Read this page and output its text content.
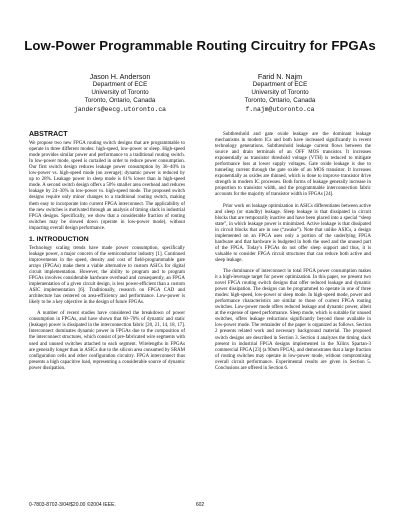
Low-Power Programmable Routing Circuitry for FPGAs
Jason H. Anderson
Department of ECE
University of Toronto
Toronto, Ontario, Canada
janders@eecg.utoronto.ca
Farid N. Najm
Department of ECE
University of Toronto
Toronto, Ontario, Canada
f.najm@utoronto.ca
ABSTRACT

We propose two new FPGA routing switch designs that are programmable to operate in three different modes: high-speed, low-power or sleep. High-speed mode provides similar power and performance to a traditional routing switch. In low-power mode, speed is curtailed in order to reduce power consumption. Our first switch design reduces leakage power consumption by 36–40% in low-power vs. high-speed mode (on average); dynamic power is reduced by up to 28%. Leakage power in sleep mode is 61% lower than in high-speed mode. A second switch design offers a 50% smaller area overhead and reduces leakage by 24–30% in low-power vs. high-speed mode. The proposed switch designs require only minor changes to a traditional routing switch, making them easy to incorporate into current FPGA interconnect. The applicability of the new switches is motivated through an analysis of timing slack in industrial FPGA designs. Specifically, we show that a considerable fraction of routing switches may be slowed down (operate in low-power mode), without impacting overall design performance.

1. INTRODUCTION

Technology scaling trends have made power consumption, specifically leakage power, a major concern of the semiconductor industry [1]. Continued improvements in the speed, density and cost of field-programmable gate arrays (FPGAs) make them a viable alternative to custom ASICs for digital circuit implementation. However, the ability to program and to program FPGAs involves considerable hardware overhead and consequently, an FPGA implementation of a given circuit design, is less power-efficient than a custom ASIC implementation [6]. Traditionally, research on FPGA CAD and architecture has centered on area-efficiency and performance. Low-power is likely to be a key objective in the design of future FPGAs.

A number of recent studies have considered the breakdown of power consumption in FPGAs, and have shown that 60–70% of dynamic and static (leakage) power is dissipated in the interconnection fabric [20, 21, 14, 18, 17]. Interconnect dominates dynamic power in FPGAs due to the composition of the interconnect structures, which consist of pre-fabricated wire segments with used and unused switches attached to each segment. Wirelengths in FPGAs are generally longer than in ASICs due to the silicon area consumed by SRAM configuration cells and other configuration circuitry. FPGA interconnect thus presents a high capacitive load, representing a considerable source of dynamic power dissipation.

Subthreshold and gate oxide leakage are the dominant leakage mechanisms in modern ICs and both have increased significantly in recent technology generations. Subthreshold leakage current flows between the source and drain terminals of an OFF MOS transistor. It increases exponentially as transistor threshold voltage (VTH) is reduced to mitigate performance loss at lower supply voltages. Gate oxide leakage is due to tunneling current through the gate oxide of an MOS transistor. It increases exponentially as oxides are thinned, which is done to improve transistor drive strength in modern IC processes. Both forms of leakage generally increase in proportion to transistor width, and the programmable interconnection fabric accounts for the majority of transistor width in FPGAs [24].

Prior work on leakage optimization in ASICs differentiates between active and sleep (or standby) leakage. Sleep leakage is that dissipated in circuit blocks that are temporarily inactive and have been placed into a special “sleep state”, in which leakage power is minimized. Active leakage is that dissipated in circuit blocks that are in use (“awake”). Note that unlike ASICs, a design implemented on an FPGA uses only a portion of the underlying FPGA hardware and that hardware is budgeted in both the used and the unused part of the FPGA. Today’s FPGAs do not offer sleep support and thus, it is valuable to consider FPGA circuit structures that can reduce both active and sleep leakage.

The dominance of interconnect in total FPGA power consumption makes it a high-leverage target for power optimization. In this paper, we present two novel FPGA routing switch designs that offer reduced leakage and dynamic power dissipation. The designs can be programmed to operate in one of three modes: high-speed, low-power or sleep mode. In high-speed mode, power and performance characteristics are similar to those of current FPGA routing switches. Low-power mode offers reduced leakage and dynamic power, albeit at the expense of speed performance. Sleep mode, which is suitable for unused switches, offers leakage reductions significantly beyond those available in low-power mode. The remainder of the paper is organized as follows. Section 2 presents related work and necessary background material. The proposed switch designs are described in Section 3. Section 4 analyzes the timing slack present in industrial FPGA designs implemented in the Xilinx Spartan-3 commercial FPGA [23] (a 90nm FPGA), and demonstrates that a large fraction of routing switches may operate in low-power mode, without compromising overall circuit performance. Experimental results are given in Section 5. Conclusions are offered in Section 6.

0-7803-8702-3/04/$20.00 ©2004 IEEE.	602
